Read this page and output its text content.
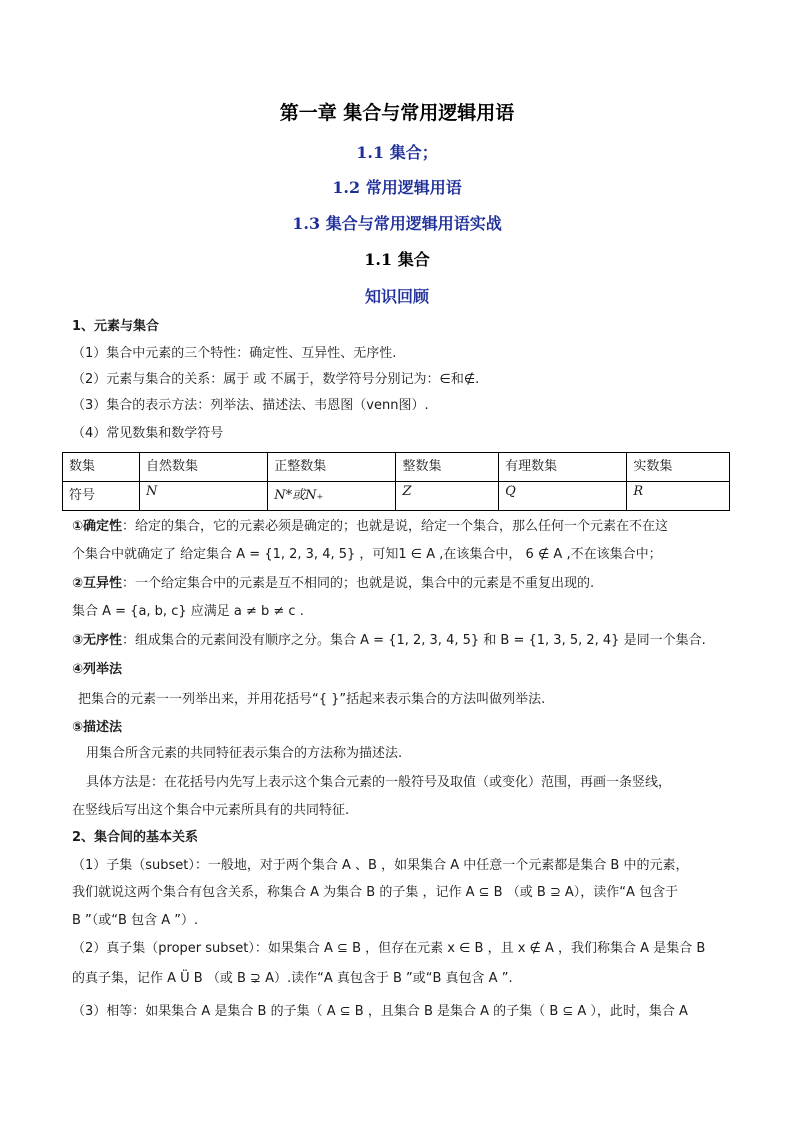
第一章 集合与常用逻辑用语
1.1 集合；
1.2 常用逻辑用语
1.3 集合与常用逻辑用语实战
1.1 集合
知识回顾
1、元素与集合
（1）集合中元素的三个特性：确定性、互异性、无序性.
（2）元素与集合的关系：属于 或 不属于，数学符号分别记为：∈和∉.
（3）集合的表示方法：列举法、描述法、韦恩图（venn图）.
（4）常见数集和数学符号
数集	自然数集	正整数集	整数集	有理数集	实数集
符号	N	N*或N₊	Z	Q	R
①确定性：给定的集合，它的元素必须是确定的；也就是说，给定一个集合，那么任何一个元素在不在这
个集合中就确定了 给定集合 A = {1, 2, 3, 4, 5} ，可知1 ∈ A ,在该集合中， 6 ∉ A ,不在该集合中；
②互异性：一个给定集合中的元素是互不相同的；也就是说，集合中的元素是不重复出现的.
集合 A = {a, b, c} 应满足 a ≠ b ≠ c .
③无序性：组成集合的元素间没有顺序之分。集合 A = {1, 2, 3, 4, 5} 和 B = {1, 3, 5, 2, 4} 是同一个集合.
④列举法
把集合的元素一一列举出来，并用花括号“{ }”括起来表示集合的方法叫做列举法.
⑤描述法
用集合所含元素的共同特征表示集合的方法称为描述法.
具体方法是：在花括号内先写上表示这个集合元素的一般符号及取值（或变化）范围，再画一条竖线，
在竖线后写出这个集合中元素所具有的共同特征.
2、集合间的基本关系
（1）子集（subset）：一般地，对于两个集合 A 、B ，如果集合 A 中任意一个元素都是集合 B 中的元素，
我们就说这两个集合有包含关系，称集合 A 为集合 B 的子集 ，记作 A ⊆ B （或 B ⊇ A），读作“A 包含于
B ”（或“B 包含 A ”）.
（2）真子集（proper subset）：如果集合 A ⊆ B ，但存在元素 x ∈ B ，且 x ∉ A ，我们称集合 A 是集合 B
的真子集，记作 A Ü B （或 B ⊋ A）.读作“A 真包含于 B ”或“B 真包含 A ”.
（3）相等：如果集合 A 是集合 B 的子集（ A ⊆ B ，且集合 B 是集合 A 的子集（ B ⊆ A ），此时，集合 A
